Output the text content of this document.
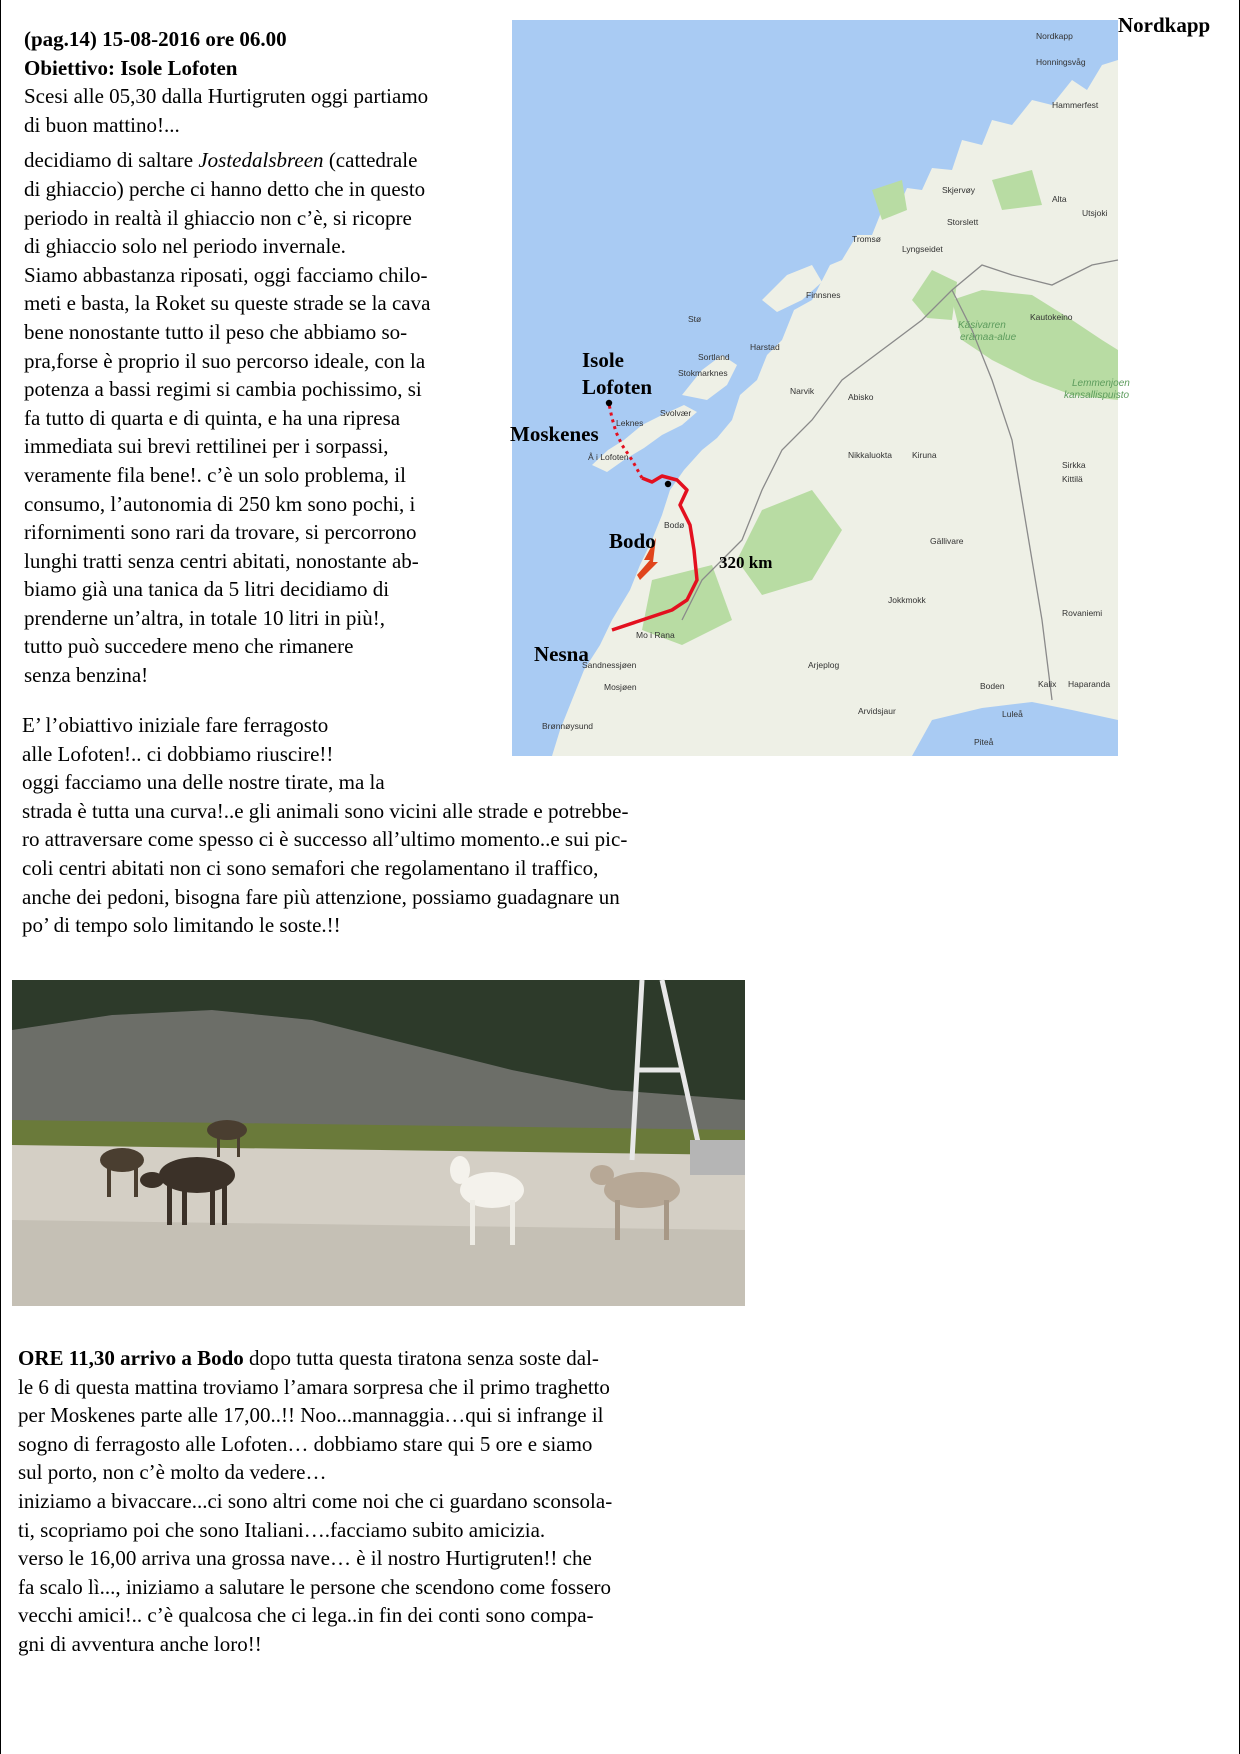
(pag.14) 15-08-2016 ore 06.00
Obiettivo: Isole Lofoten
Scesi alle 05,30 dalla Hurtigruten oggi partiamo
di buon mattino!...
decidiamo di saltare Jostedalsbreen (cattedrale
di ghiaccio) perche ci hanno detto che in questo
periodo in realtà il ghiaccio non c’è, si ricopre
di ghiaccio solo nel periodo invernale.
Siamo abbastanza riposati, oggi facciamo chilo-
meti e basta, la Roket su queste strade se la cava
bene nonostante tutto il peso che abbiamo so-
pra,forse è proprio il suo percorso ideale, con la
potenza a bassi regimi si cambia pochissimo, si
fa tutto di quarta e di quinta, e ha una ripresa
immediata sui brevi rettilinei per i sorpassi,
veramente fila bene!. c’è un solo problema, il
consumo, l’autonomia di 250 km sono pochi, i
rifornimenti sono rari da trovare, si percorrono
lunghi tratti senza centri abitati, nonostante ab-
biamo già una tanica da 5 litri decidiamo di
prenderne un’altra, in totale 10 litri in più!,
tutto può succedere meno che rimanere
senza benzina!
E’ l’obiattivo iniziale fare ferragosto
alle Lofoten!.. ci dobbiamo riuscire!!
oggi facciamo una delle nostre tirate, ma la
strada è tutta una curva!..e gli animali sono vicini alle strade e potrebbe-
ro attraversare come spesso ci è successo all’ultimo momento..e sui pic-
coli centri abitati non ci sono semafori che regolamentano il traffico,
anche dei pedoni, bisogna fare più attenzione, possiamo guadagnare un
po’ di tempo solo limitando le soste.!!
Nordkapp
Honningsvåg
Hammerfest
Skjervøy
Storslett
Alta
Utsjoki
Tromsø
Lyngseidet
Finnsnes
Kautokeino
Stø
Harstad
Sortland
Stokmarknes
Narvik
Svolvær
Leknes
Å i Lofoten
Abisko
Nikkaluokta Kiruna
Sirkka
Kittilä
Bodø
Gällivare
Jokkmokk
Rovaniemi
Mo i Rana
Sandnessjøen
Mosjøen
Arjeplog
Boden	Kalix Haparanda
Arvidsjaur	Luleå
Piteå
Brønnøysund
Käsivarren
erämaa-alue
Lemmenjoen
kansallispuisto
Nordkapp
Isole
Lofoten
Moskenes
Bodo
320 km
Nesna
ORE 11,30 arrivo a Bodo dopo tutta questa tiratona senza soste dal-
le 6 di questa mattina troviamo l’amara sorpresa che il primo traghetto
per Moskenes parte alle 17,00..!! Noo...mannaggia…qui si infrange il
sogno di ferragosto alle Lofoten… dobbiamo stare qui 5 ore e siamo
sul porto, non c’è molto da vedere…
iniziamo a bivaccare...ci sono altri come noi che ci guardano sconsola-
ti, scopriamo poi che sono Italiani….facciamo subito amicizia.
verso le 16,00 arriva una grossa nave… è il nostro Hurtigruten!! che
fa scalo lì..., iniziamo a salutare le persone che scendono come fossero
vecchi amici!.. c’è qualcosa che ci lega..in fin dei conti sono compa-
gni di avventura anche loro!!
